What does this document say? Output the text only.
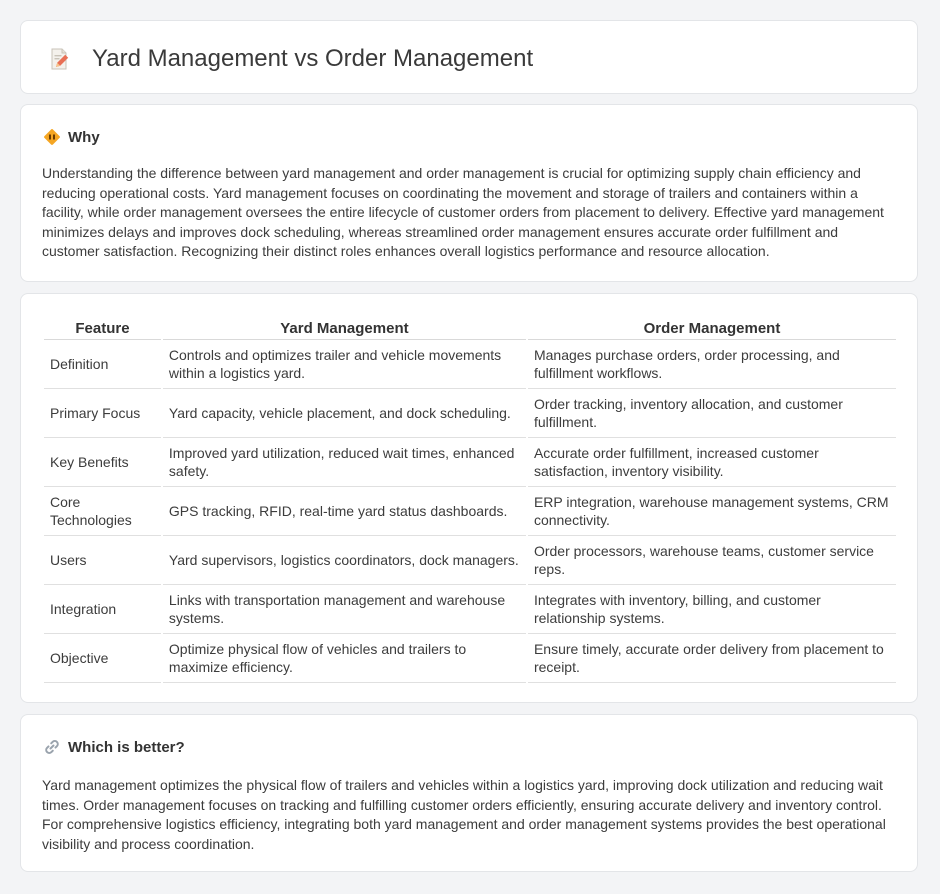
Yard Management vs Order Management
Why

Understanding the difference between yard management and order management is crucial for optimizing supply chain efficiency and reducing operational costs. Yard management focuses on coordinating the movement and storage of trailers and containers within a facility, while order management oversees the entire lifecycle of customer orders from placement to delivery. Effective yard management minimizes delays and improves dock scheduling, whereas streamlined order management ensures accurate order fulfillment and customer satisfaction. Recognizing their distinct roles enhances overall logistics performance and resource allocation.

Feature	Yard Management	Order Management
Definition	Controls and optimizes trailer and vehicle movements within a logistics yard.	Manages purchase orders, order processing, and fulfillment workflows.
Primary Focus	Yard capacity, vehicle placement, and dock scheduling.	Order tracking, inventory allocation, and customer fulfillment.
Key Benefits	Improved yard utilization, reduced wait times, enhanced safety.	Accurate order fulfillment, increased customer satisfaction, inventory visibility.
Core Technologies	GPS tracking, RFID, real-time yard status dashboards.	ERP integration, warehouse management systems, CRM connectivity.
Users	Yard supervisors, logistics coordinators, dock managers.	Order processors, warehouse teams, customer service reps.
Integration	Links with transportation management and warehouse systems.	Integrates with inventory, billing, and customer relationship systems.
Objective	Optimize physical flow of vehicles and trailers to maximize efficiency.	Ensure timely, accurate order delivery from placement to receipt.
Which is better?

Yard management optimizes the physical flow of trailers and vehicles within a logistics yard, improving dock utilization and reducing wait times. Order management focuses on tracking and fulfilling customer orders efficiently, ensuring accurate delivery and inventory control. For comprehensive logistics efficiency, integrating both yard management and order management systems provides the best operational visibility and process coordination.
